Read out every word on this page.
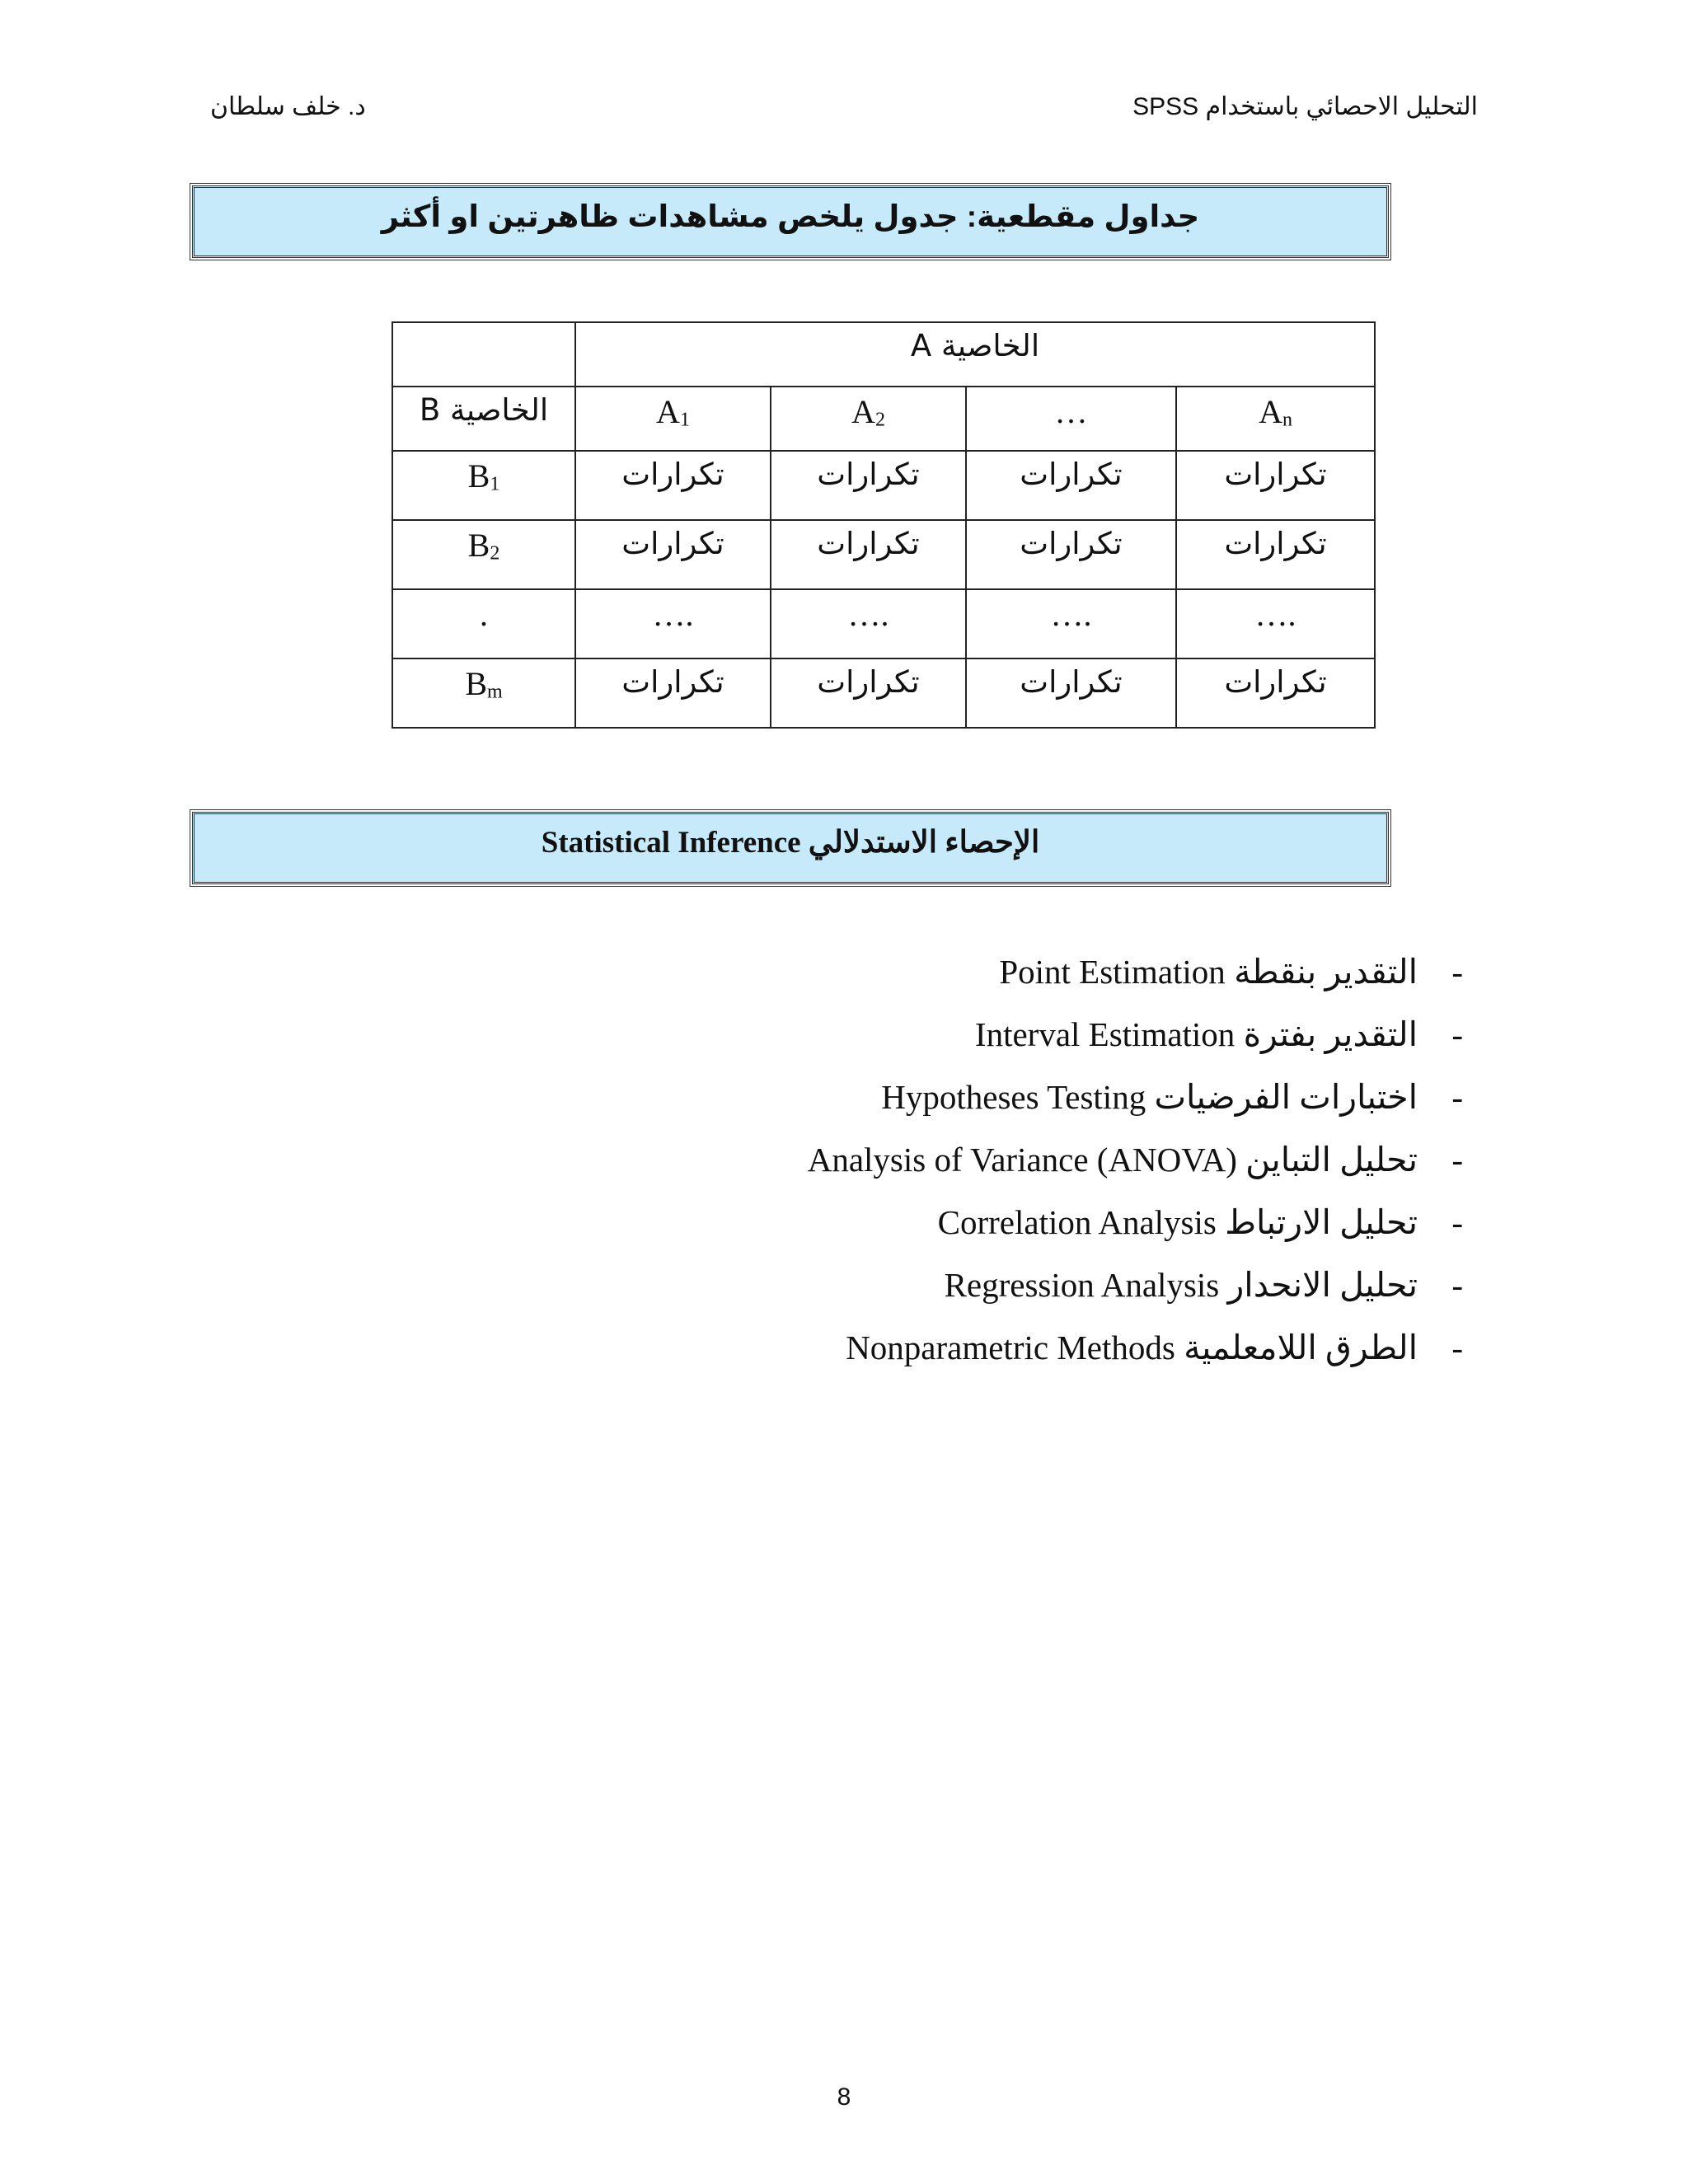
التحليل الاحصائي باستخدام SPSS
د. خلف سلطان
جداول مقطعية: جدول يلخص مشاهدات ظاهرتين او أكثر
	الخاصية A			
الخاصية B	$A_1$	$A_2$	…	$A_n$
$B_1$	تكرارات	تكرارات	تكرارات	تكرارات
$B_2$	تكرارات	تكرارات	تكرارات	تكرارات
.	….	….	….	….
$B_m$	تكرارات	تكرارات	تكرارات	تكرارات
الإحصاء الاستدلالي Statistical Inference
-
التقدير بنقطة Point Estimation
-
التقدير بفترة Interval Estimation
-
اختبارات الفرضيات Hypotheses Testing
-
تحليل التباين Analysis of Variance (ANOVA)
-
تحليل الارتباط Correlation Analysis
-
تحليل الانحدار Regression Analysis
-
الطرق اللامعلمية Nonparametric Methods
8
